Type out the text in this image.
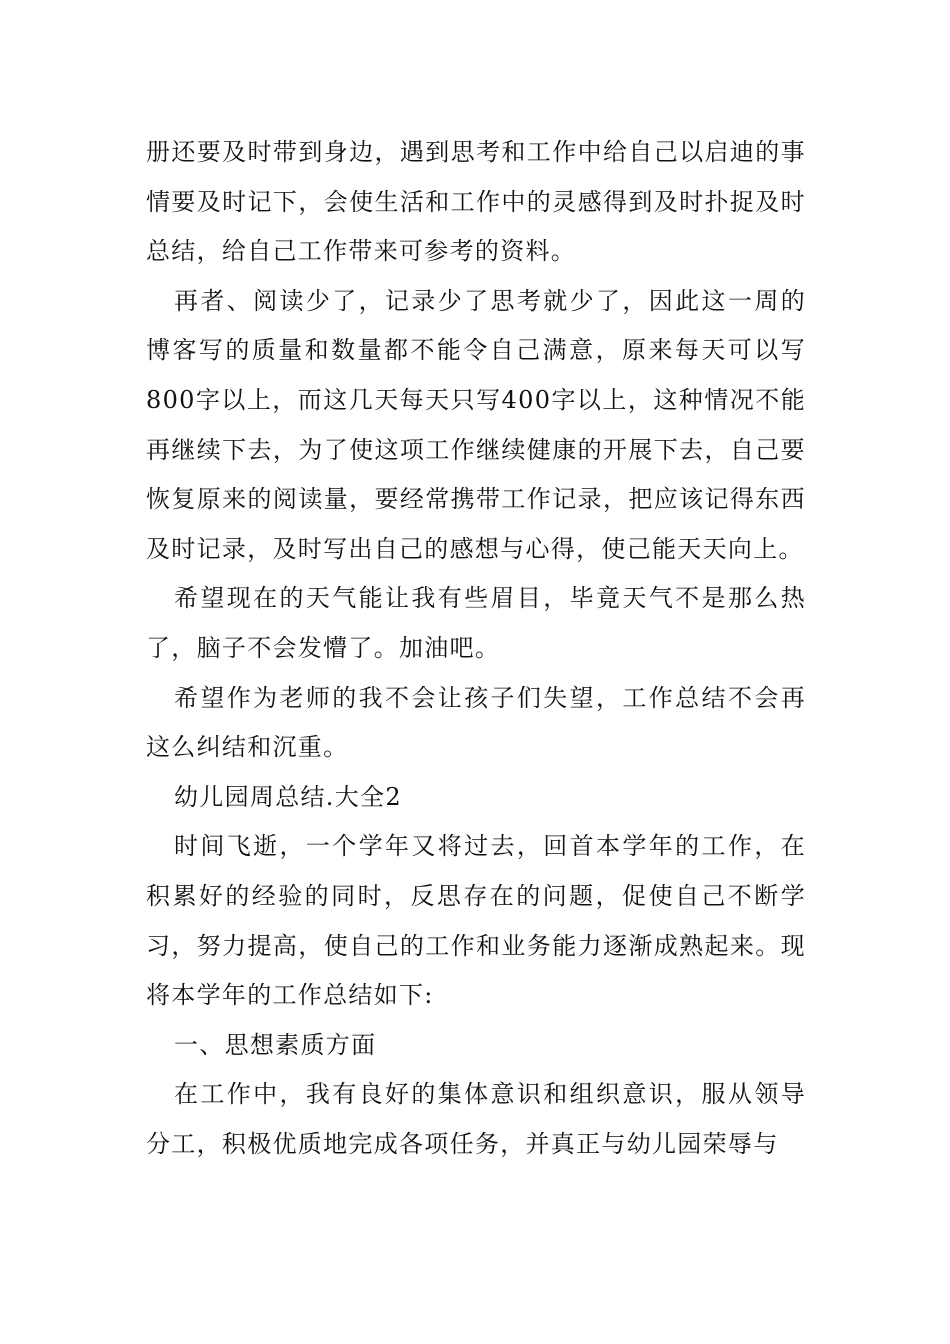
册还要及时带到身边，遇到思考和工作中给自己以启迪的事情要及时记下，会使生活和工作中的灵感得到及时扑捉及时总结，给自己工作带来可参考的资料。

再者、阅读少了，记录少了思考就少了，因此这一周的博客写的质量和数量都不能令自己满意，原来每天可以写800字以上，而这几天每天只写400字以上，这种情况不能再继续下去，为了使这项工作继续健康的开展下去，自己要恢复原来的阅读量，要经常携带工作记录，把应该记得东西及时记录，及时写出自己的感想与心得，使己能天天向上。

希望现在的天气能让我有些眉目，毕竟天气不是那么热了，脑子不会发懵了。加油吧。

希望作为老师的我不会让孩子们失望，工作总结不会再这么纠结和沉重。

幼儿园周总结.大全2

时间飞逝，一个学年又将过去，回首本学年的工作，在积累好的经验的同时，反思存在的问题，促使自己不断学习，努力提高，使自己的工作和业务能力逐渐成熟起来。现将本学年的工作总结如下:

一、思想素质方面

在工作中，我有良好的集体意识和组织意识，服从领导分工，积极优质地完成各项任务，并真正与幼儿园荣辱与
